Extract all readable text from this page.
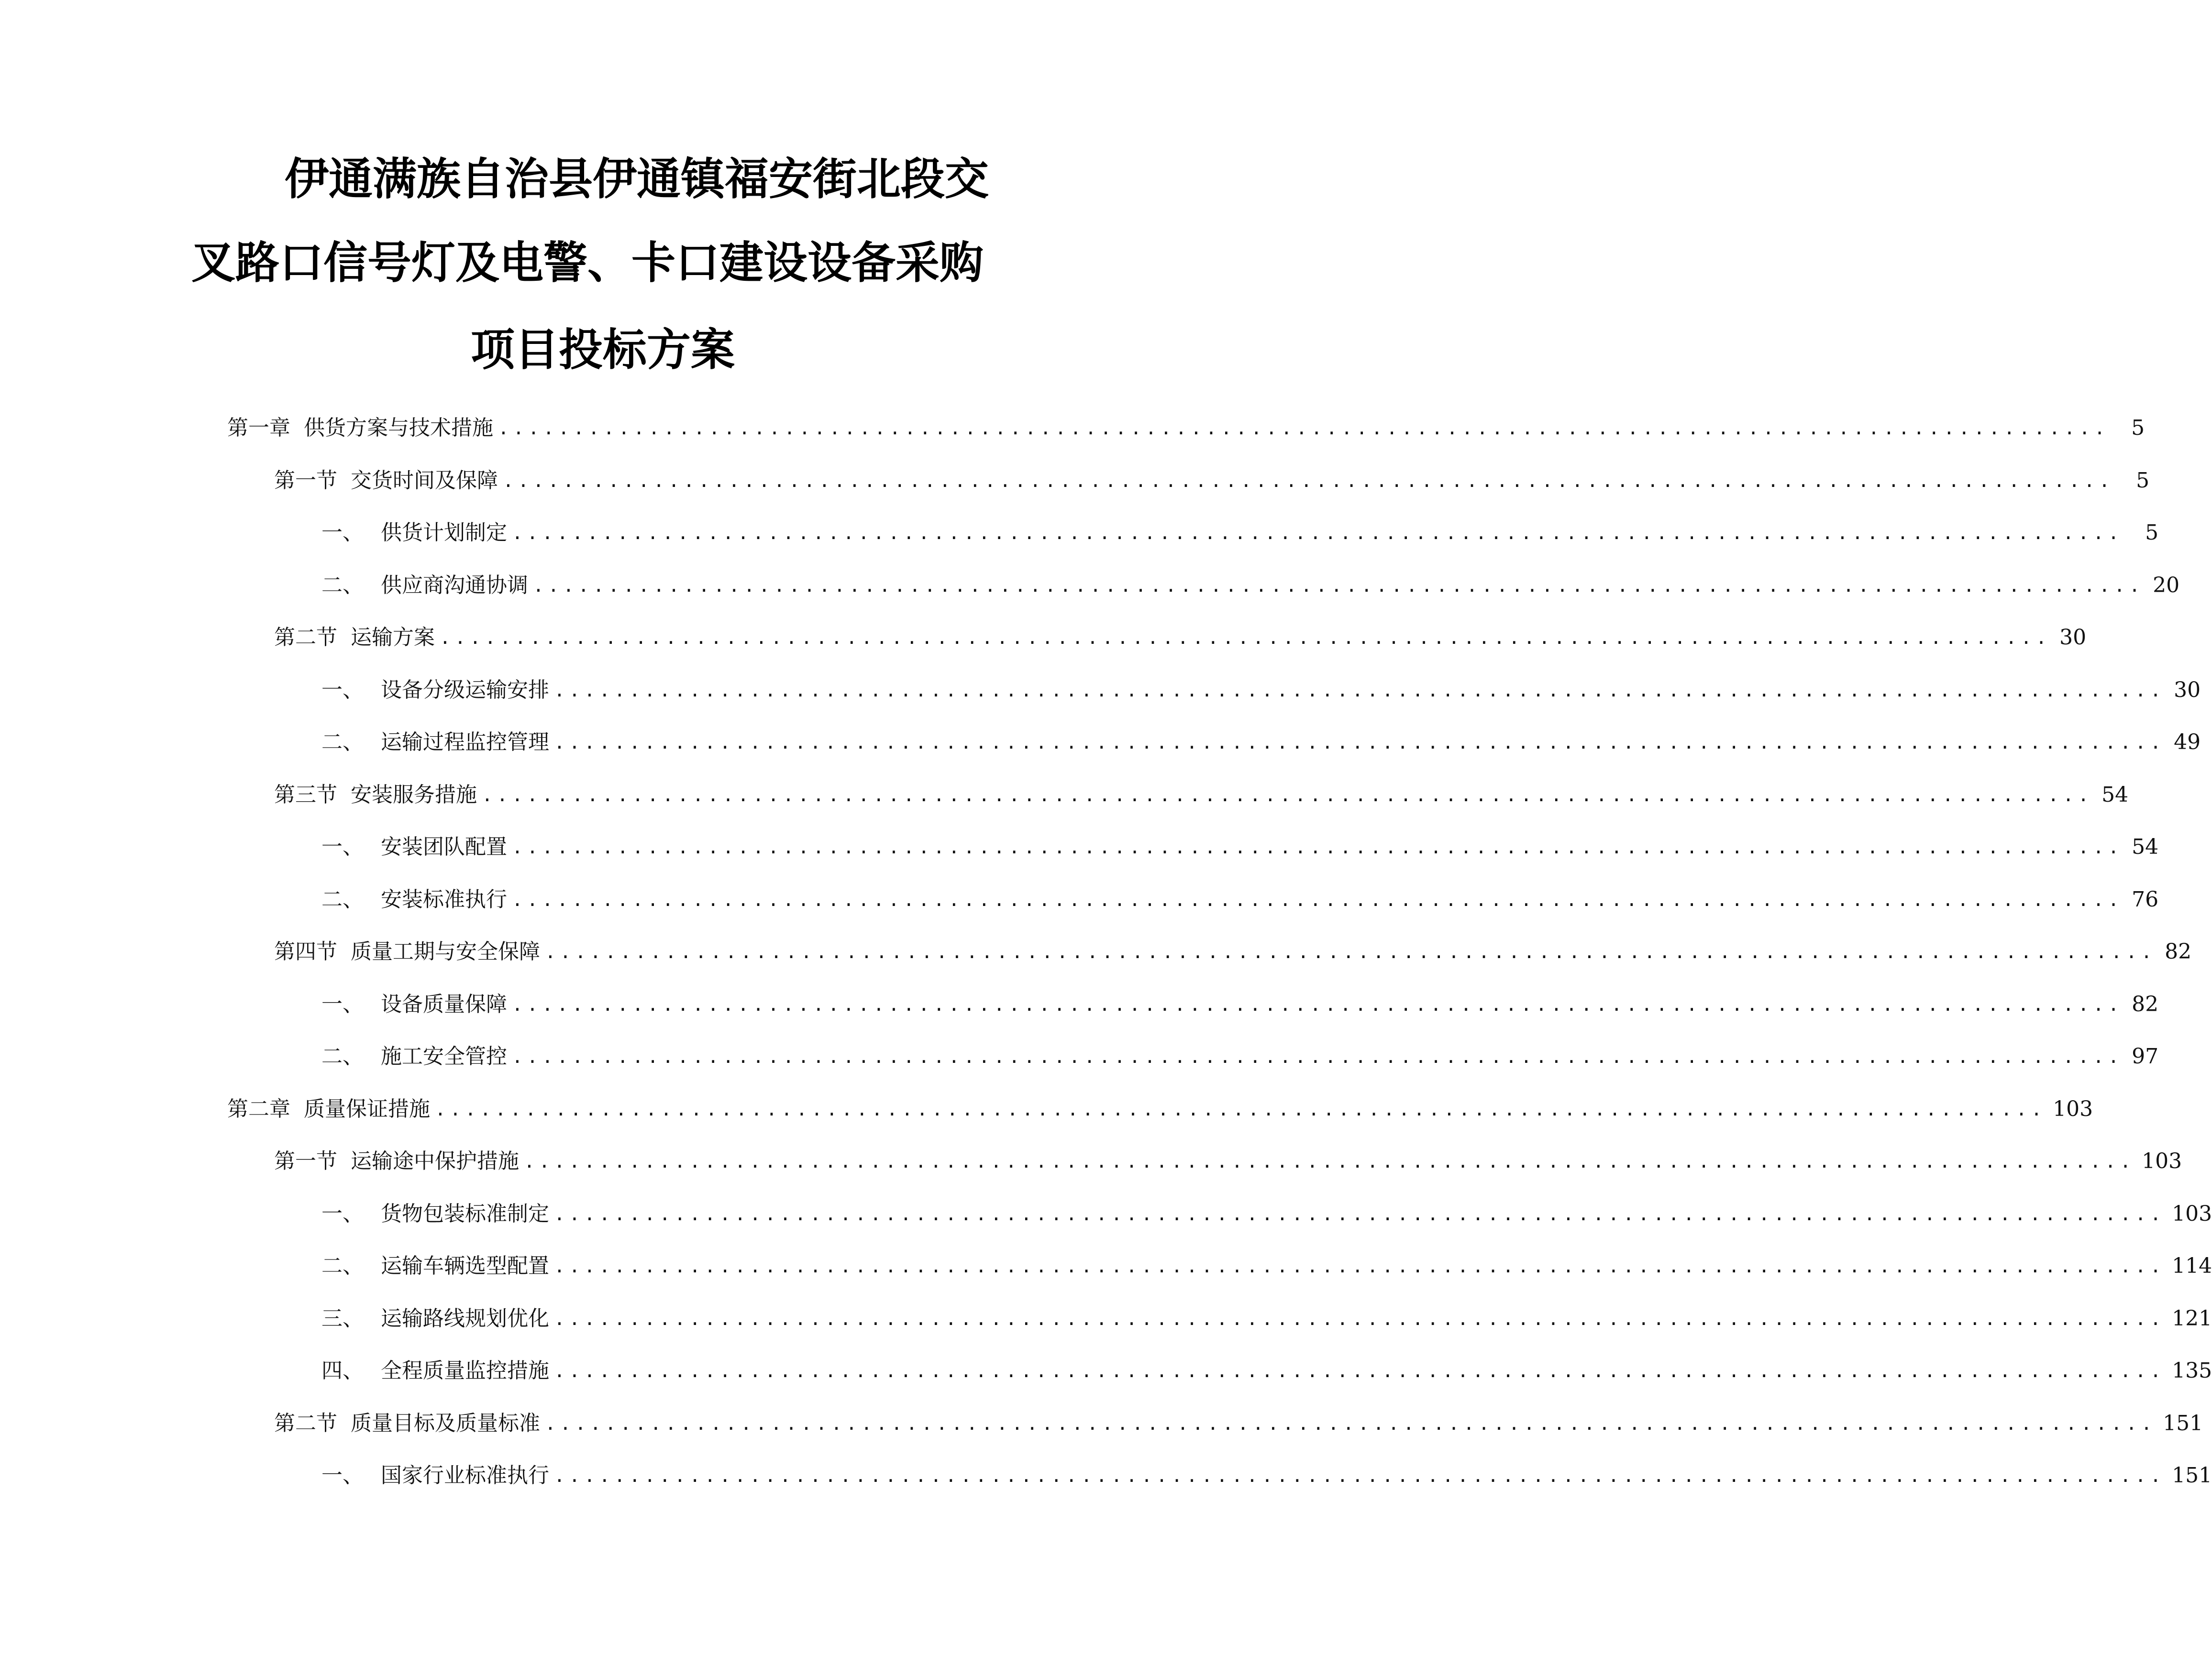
伊通满族自治县伊通镇福安街北段交
叉路口信号灯及电警、卡口建设设备采购
项目投标方案
第一章 供货方案与技术措施 ...........................................................................................................	5
第一节 交货时间及保障 ...........................................................................................................	5
一、 供货计划制定 ...........................................................................................................	5
二、 供应商沟通协调 ........................................................................................................... 20
第二节 运输方案 ........................................................................................................... 30
一、 设备分级运输安排 ........................................................................................................... 30
二、 运输过程监控管理 ........................................................................................................... 49
第三节 安装服务措施 ........................................................................................................... 54
一、 安装团队配置 ........................................................................................................... 54
二、 安装标准执行 ........................................................................................................... 76
第四节 质量工期与安全保障 ........................................................................................................... 82
一、 设备质量保障 ........................................................................................................... 82
二、 施工安全管控 ........................................................................................................... 97
第二章 质量保证措施 ........................................................................................................... 103
第一节 运输途中保护措施 ........................................................................................................... 103
一、 货物包装标准制定 ........................................................................................................... 103
二、 运输车辆选型配置 ........................................................................................................... 114
三、 运输路线规划优化 ........................................................................................................... 121
四、 全程质量监控措施 ........................................................................................................... 135
第二节 质量目标及质量标准 ........................................................................................................... 151
一、 国家行业标准执行 ........................................................................................................... 151
